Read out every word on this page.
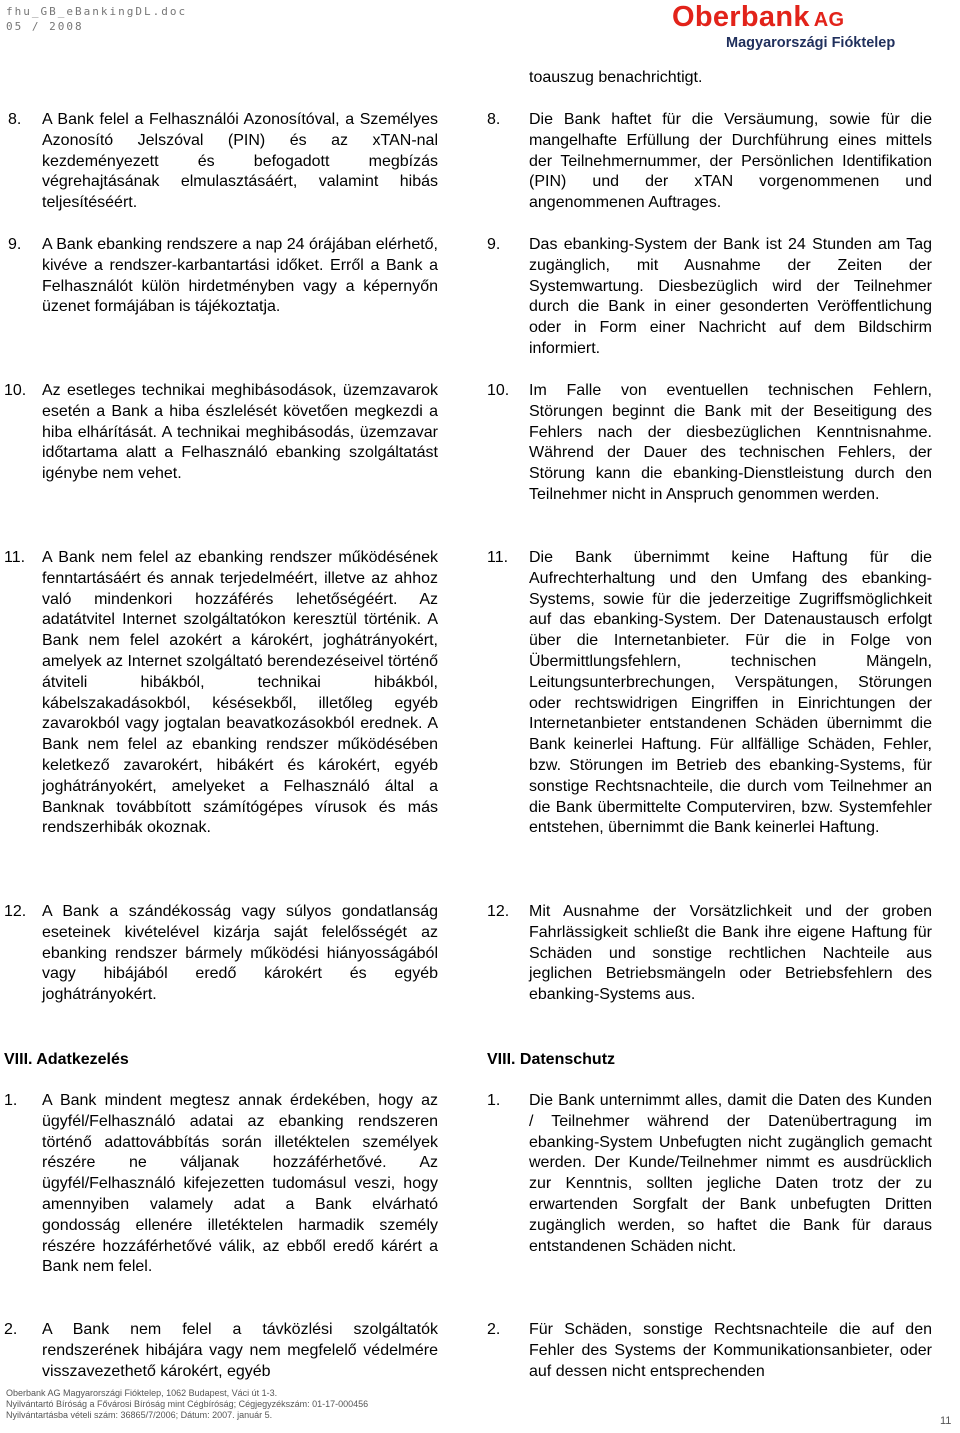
fhu_GB_eBankingDL.doc
05 / 2008	Oberbank AG
Magyarországi Fióktelep
8. A Bank felel a Felhasználói Azonosítóval, a Személyes Azonosító Jelszóval (PIN) és az xTAN-nal kezdeményezett és befogadott megbízás végrehajtásának elmulasztásáért, valamint hibás teljesítéséért.
9. A Bank ebanking rendszere a nap 24 órájában elérhető, kivéve a rendszer-karbantartási időket. Erről a Bank a Felhasználót külön hirdetményben vagy a képernyőn üzenet formájában is tájékoztatja.
10. Az esetleges technikai meghibásodások, üzemzavarok esetén a Bank a hiba észlelését követően megkezdi a hiba elhárítását. A technikai meghibásodás, üzemzavar időtartama alatt a Felhasználó ebanking szolgáltatást igénybe nem vehet.
11. A Bank nem felel az ebanking rendszer működésének fenntartásáért és annak terjedelméért, illetve az ahhoz való mindenkori hozzáférés lehetőségéért. Az adatátvitel Internet szolgáltatókon keresztül történik. A Bank nem felel azokért a károkért, joghátrányokért, amelyek az Internet szolgáltató berendezéseivel történő átviteli hibákból, technikai hibákból, kábelszakadásokból, késésekből, illetőleg egyéb zavarokból vagy jogtalan beavatkozásokból erednek. A Bank nem felel az ebanking rendszer működésében keletkező zavarokért, hibákért és károkért, egyéb joghátrányokért, amelyeket a Felhasználó által a Banknak továbbított számítógépes vírusok és más rendszerhibák okoznak.
12. A Bank a szándékosság vagy súlyos gondatlanság eseteinek kivételével kizárja saját felelősségét az ebanking rendszer bármely működési hiányosságából vagy hibájából eredő károkért és egyéb joghátrányokért.
VIII. Adatkezelés
1. A Bank mindent megtesz annak érdekében, hogy az ügyfél/Felhasználó adatai az ebanking rendszeren történő adattovábbítás során illetéktelen személyek részére ne váljanak hozzáférhetővé. Az ügyfél/Felhasználó kifejezetten tudomásul veszi, hogy amennyiben valamely adat a Bank elvárható gondosság ellenére illetéktelen harmadik személy részére hozzáférhetővé válik, az ebből eredő kárért a Bank nem felel.
2. A Bank nem felel a távközlési szolgáltatók rendszerének hibájára vagy nem megfelelő védelmére visszavezethető károkért, egyéb
toauszug benachrichtigt.
8. Die Bank haftet für die Versäumung, sowie für die mangelhafte Erfüllung der Durchführung eines mittels der Teilnehmernummer, der Persönlichen Identifikation (PIN) und der xTAN vorgenommenen und angenommenen Auftrages.
9. Das ebanking-System der Bank ist 24 Stunden am Tag zugänglich, mit Ausnahme der Zeiten der Systemwartung. Diesbezüglich wird der Teilnehmer durch die Bank in einer gesonderten Veröffentlichung oder in Form einer Nachricht auf dem Bildschirm informiert.
10. Im Falle von eventuellen technischen Fehlern, Störungen beginnt die Bank mit der Beseitigung des Fehlers nach der diesbezüglichen Kenntnisnahme. Während der Dauer des technischen Fehlers, der Störung kann die ebanking-Dienstleistung durch den Teilnehmer nicht in Anspruch genommen werden.
11. Die Bank übernimmt keine Haftung für die Aufrechterhaltung und den Umfang des ebanking-Systems, sowie für die jederzeitige Zugriffsmöglichkeit auf das ebanking-System. Der Datenaustausch erfolgt über die Internetanbieter. Für die in Folge von Übermittlungsfehlern, technischen Mängeln, Leitungsunterbrechungen, Verspätungen, Störungen oder rechtswidrigen Eingriffen in Einrichtungen der Internetanbieter entstandenen Schäden übernimmt die Bank keinerlei Haftung. Für allfällige Schäden, Fehler, bzw. Störungen im Betrieb des ebanking-Systems, für sonstige Rechtsnachteile, die durch vom Teilnehmer an die Bank übermittelte Computerviren, bzw. Systemfehler entstehen, übernimmt die Bank keinerlei Haftung.
12. Mit Ausnahme der Vorsätzlichkeit und der groben Fahrlässigkeit schließt die Bank ihre eigene Haftung für Schäden und sonstige rechtlichen Nachteile aus jeglichen Betriebsmängeln oder Betriebsfehlern des ebanking-Systems aus.
VIII. Datenschutz
1. Die Bank unternimmt alles, damit die Daten des Kunden / Teilnehmer während der Datenübertragung im ebanking-System Unbefugten nicht zugänglich gemacht werden. Der Kunde/Teilnehmer nimmt es ausdrücklich zur Kenntnis, sollten jegliche Daten trotz der zu erwartenden Sorgfalt der Bank unbefugten Dritten zugänglich werden, so haftet die Bank für daraus entstandenen Schäden nicht.
2. Für Schäden, sonstige Rechtsnachteile die auf den Fehler des Systems der Kommunikationsanbieter, oder auf dessen nicht entsprechenden
Oberbank AG Magyarországi Fióktelep, 1062 Budapest, Váci út 1-3.
Nyilvántartó Bíróság a Fővárosi Bíróság mint Cégbíróság; Cégjegyzékszám: 01-17-000456
Nyilvántartásba vételi szám: 36865/7/2006; Dátum: 2007. január 5.	11
